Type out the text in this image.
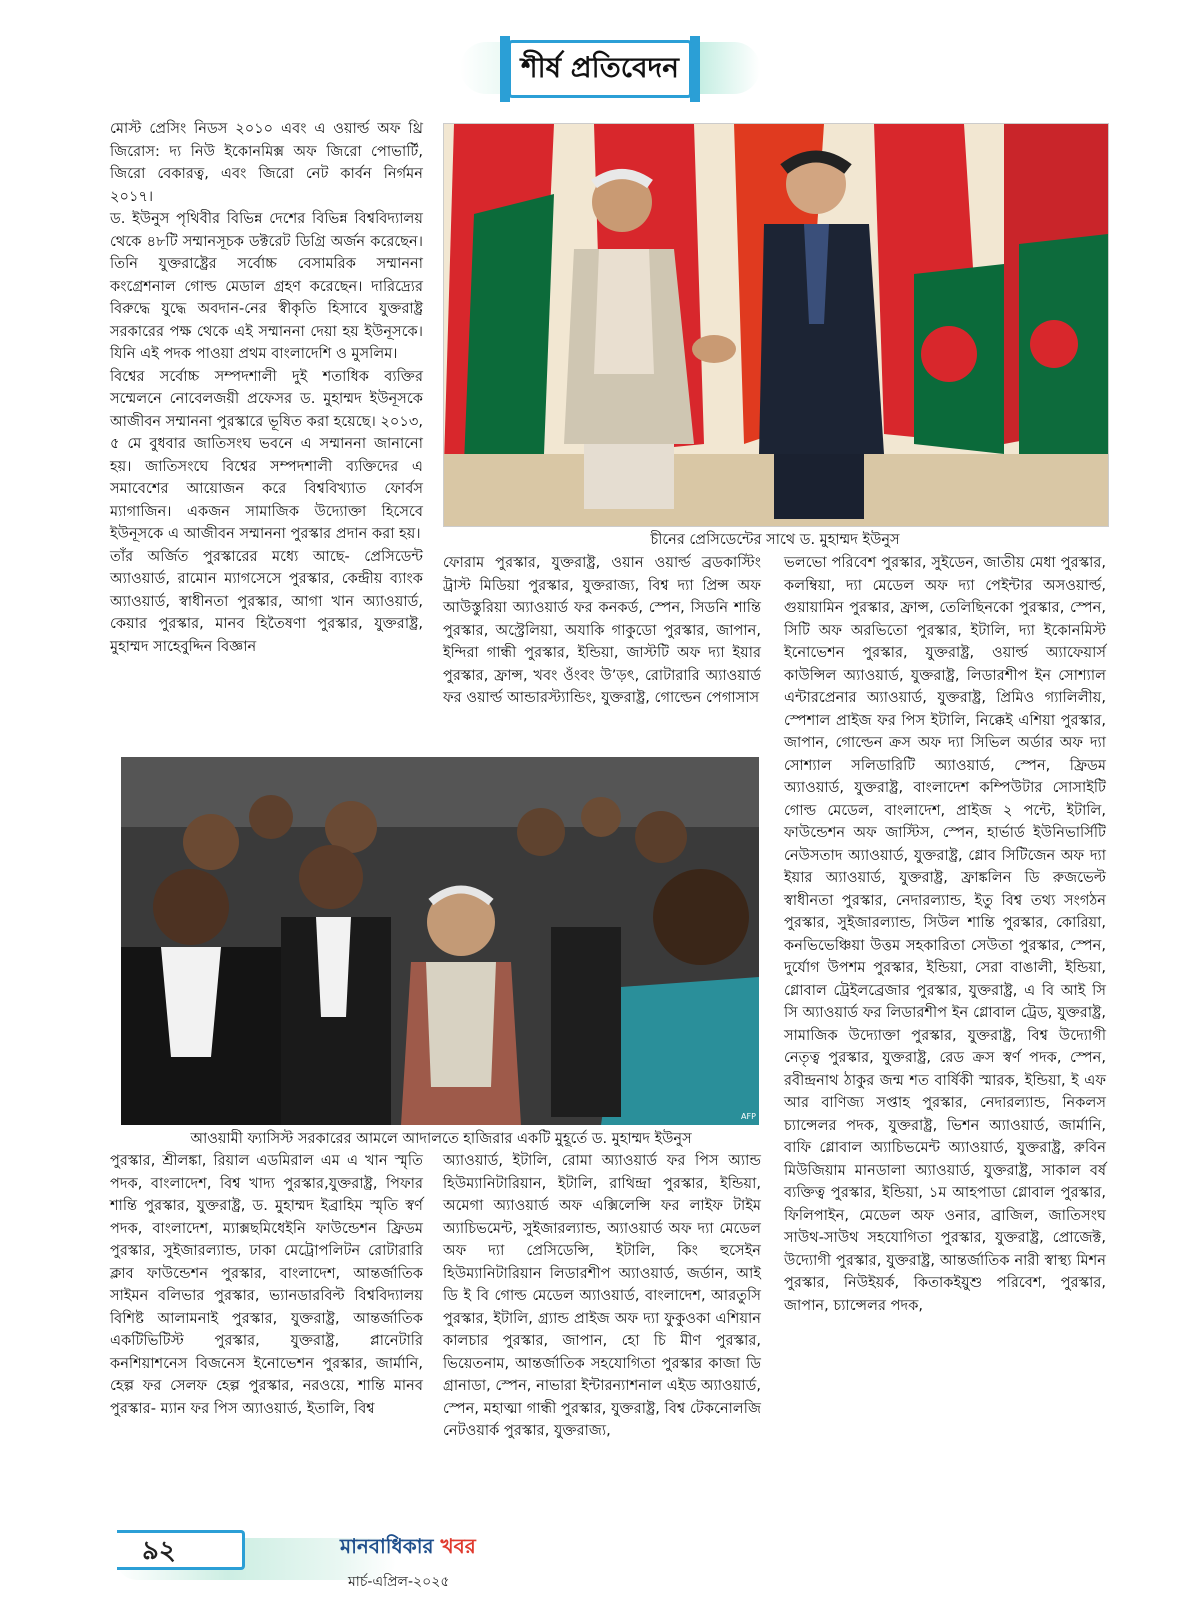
শীর্ষ প্রতিবেদন

মোস্ট প্রেসিং নিডস ২০১০ এবং এ ওয়ার্ল্ড অফ থ্রি জিরোস: দ্য নিউ ইকোনমিক্স অফ জিরো পোভার্টি, জিরো বেকারত্ব, এবং জিরো নেট কার্বন নির্গমন ২০১৭।

ড. ইউনুস পৃথিবীর বিভিন্ন দেশের বিভিন্ন বিশ্ববিদ্যালয় থেকে ৪৮টি সম্মানসূচক ডক্টরেট ডিগ্রি অর্জন করেছেন। তিনি যুক্তরাষ্ট্রের সর্বোচ্চ বেসামরিক সম্মাননা কংগ্রেশনাল গোল্ড মেডাল গ্রহণ করেছেন। দারিদ্র্যের বিরুদ্ধে যুদ্ধে অবদান-নের স্বীকৃতি হিসাবে যুক্তরাষ্ট্র সরকারের পক্ষ থেকে এই সম্মাননা দেয়া হয় ইউনূসকে। যিনি এই পদক পাওয়া প্রথম বাংলাদেশি ও মুসলিম।

বিশ্বের সর্বোচ্চ সম্পদশালী দুই শতাধিক ব্যক্তির সম্মেলনে নোবেলজয়ী প্রফেসর ড. মুহাম্মদ ইউনূসকে আজীবন সম্মাননা পুরস্কারে ভূষিত করা হয়েছে। ২০১৩, ৫ মে বুধবার জাতিসংঘ ভবনে এ সম্মাননা জানানো হয়। জাতিসংঘে বিশ্বের সম্পদশালী ব্যক্তিদের এ সমাবেশের আয়োজন করে বিশ্ববিখ্যাত ফোর্বস ম্যাগাজিন। একজন সামাজিক উদ্যোক্তা হিসেবে ইউনূসকে এ আজীবন সম্মাননা পুরস্কার প্রদান করা হয়।

তাঁর অর্জিত পুরস্কারের মধ্যে আছে- প্রেসিডেন্ট অ্যাওয়ার্ড, রামোন ম্যাগসেসে পুরস্কার, কেন্দ্রীয় ব্যাংক অ্যাওয়ার্ড, স্বাধীনতা পুরস্কার, আগা খান অ্যাওয়ার্ড, কেয়ার পুরস্কার, মানব হিতৈষণা পুরস্কার, যুক্তরাষ্ট্র, মুহাম্মদ সাহেবুদ্দিন বিজ্ঞান

চীনের প্রেসিডেন্টের সাথে ড. মুহাম্মদ ইউনুস

ফোরাম পুরস্কার, যুক্তরাষ্ট্র, ওয়ান ওয়ার্ল্ড ব্রডকাস্টিং ট্রাস্ট মিডিয়া পুরস্কার, যুক্তরাজ্য, বিশ্ব দ্যা প্রিন্স অফ আউস্তুরিয়া অ্যাওয়ার্ড ফর কনকর্ড, স্পেন, সিডনি শান্তি পুরস্কার, অস্ট্রেলিয়া, অযাকি গাকুডো পুরস্কার, জাপান, ইন্দিরা গান্ধী পুরস্কার, ইন্ডিয়া, জাস্টটি অফ দ্যা ইয়ার পুরস্কার, ফ্রান্স, খবং ওঁংবং উ’ড়ৎ, রোটারারি অ্যাওয়ার্ড ফর ওয়ার্ল্ড আন্ডারস্ট্যান্ডিং, যুক্তরাষ্ট্র, গোল্ডেন পেগাসাস

ভলভো পরিবেশ পুরস্কার, সুইডেন, জাতীয় মেধা পুরস্কার, কলম্বিয়া, দ্যা মেডেল অফ দ্যা পেইন্টার অসওয়ার্ল্ড, গুয়ায়ামিন পুরস্কার, ফ্রান্স, তেলিছিনকো পুরস্কার, স্পেন, সিটি অফ অরভিতো পুরস্কার, ইটালি, দ্যা ইকোনমিস্ট ইনোভেশন পুরস্কার, যুক্তরাষ্ট্র, ওয়ার্ল্ড অ্যাফেয়ার্স কাউন্সিল অ্যাওয়ার্ড, যুক্তরাষ্ট্র, লিডারশীপ ইন সোশ্যাল এন্টারপ্রেনার অ্যাওয়ার্ড, যুক্তরাষ্ট্র, প্রিমিও গ্যালিলীয়, স্পেশাল প্রাইজ ফর পিস ইটালি, নিক্কেই এশিয়া পুরস্কার, জাপান, গোল্ডেন ক্রস অফ দ্যা সিভিল অর্ডার অফ দ্যা সোশ্যাল সলিডারিটি অ্যাওয়ার্ড, স্পেন, ফ্রিডম অ্যাওয়ার্ড, যুক্তরাষ্ট্র, বাংলাদেশ কম্পিউটার সোসাইটি গোল্ড মেডেল, বাংলাদেশ, প্রাইজ ২ পন্টে, ইটালি, ফাউন্ডেশন অফ জাস্টিস, স্পেন, হার্ভার্ড ইউনিভার্সিটি নেউসতাদ অ্যাওয়ার্ড, যুক্তরাষ্ট্র, গ্লোব সিটিজেন অফ দ্যা ইয়ার অ্যাওয়ার্ড, যুক্তরাষ্ট্র, ফ্রাঙ্কলিন ডি রুজভেল্ট স্বাধীনতা পুরস্কার, নেদারল্যান্ড, ইতু বিশ্ব তথ্য সংগঠন পুরস্কার, সুইজারল্যান্ড, সিউল শান্তি পুরস্কার, কোরিয়া, কনভিভেঞ্চিয়া উত্তম সহকারিতা সেউতা পুরস্কার, স্পেন, দুর্যোগ উপশম পুরস্কার, ইন্ডিয়া, সেরা বাঙালী, ইন্ডিয়া, গ্লোবাল ট্রেইলব্রেজার পুরস্কার, যুক্তরাষ্ট্র, এ বি আই সি সি অ্যাওয়ার্ড ফর লিডারশীপ ইন গ্লোবাল ট্রেড, যুক্তরাষ্ট্র, সামাজিক উদ্যোক্তা পুরস্কার, যুক্তরাষ্ট্র, বিশ্ব উদ্যোগী নেতৃত্ব পুরস্কার, যুক্তরাষ্ট্র, রেড ক্রস স্বর্ণ পদক, স্পেন, রবীন্দ্রনাথ ঠাকুর জন্ম শত বার্ষিকী স্মারক, ইন্ডিয়া, ই এফ আর বাণিজ্য সপ্তাহ পুরস্কার, নেদারল্যান্ড, নিকলস চ্যান্সেলর পদক, যুক্তরাষ্ট্র, ভিশন অ্যাওয়ার্ড, জার্মানি, বাফি গ্লোবাল অ্যাচিভমেন্ট অ্যাওয়ার্ড, যুক্তরাষ্ট্র, রুবিন মিউজিয়াম মানডালা অ্যাওয়ার্ড, যুক্তরাষ্ট্র, সাকাল বর্ষ ব্যক্তিত্ব পুরস্কার, ইন্ডিয়া, ১ম আহপাডা গ্লোবাল পুরস্কার, ফিলিপাইন, মেডেল অফ ওনার, ব্রাজিল, জাতিসংঘ সাউথ-সাউথ সহযোগিতা পুরস্কার, যুক্তরাষ্ট্র, প্রোজেক্ট, উদ্যোগী পুরস্কার, যুক্তরাষ্ট্র, আন্তর্জাতিক নারী স্বাস্থ্য মিশন পুরস্কার, নিউইয়র্ক, কিতাকইয়ুশু পরিবেশ, পুরস্কার, জাপান, চ্যান্সেলর পদক,

AFP
আওয়ামী ফ্যাসিস্ট সরকারের আমলে আদালতে হাজিরার একটি মুহূর্তে ড. মুহাম্মদ ইউনুস

পুরস্কার, শ্রীলঙ্কা, রিয়াল এডমিরাল এম এ খান স্মৃতি পদক, বাংলাদেশ, বিশ্ব খাদ্য পুরস্কার,যুক্তরাষ্ট্র, পিফার শান্তি পুরস্কার, যুক্তরাষ্ট্র, ড. মুহাম্মদ ইব্রাহিম স্মৃতি স্বর্ণ পদক, বাংলাদেশ, ম্যাক্সছমিধেইনি ফাউন্ডেশন ফ্রিডম পুরস্কার, সুইজারল্যান্ড, ঢাকা মেট্রোপলিটন রোটারারি ক্লাব ফাউন্ডেশন পুরস্কার, বাংলাদেশ, আন্তর্জাতিক সাইমন বলিভার পুরস্কার, ভ্যানডারবিল্ট বিশ্ববিদ্যালয় বিশিষ্ট আলামনাই পুরস্কার, যুক্তরাষ্ট্র, আন্তর্জাতিক একটিভিটিস্ট পুরস্কার, যুক্তরাষ্ট্র, প্লানেটারি কনশিয়াশনেস বিজনেস ইনোভেশন পুরস্কার, জার্মানি, হেল্প ফর সেলফ হেল্প পুরস্কার, নরওয়ে, শান্তি মানব পুরস্কার- ম্যান ফর পিস অ্যাওয়ার্ড, ইতালি, বিশ্ব

অ্যাওয়ার্ড, ইটালি, রোমা অ্যাওয়ার্ড ফর পিস অ্যান্ড হিউম্যানিটারিয়ান, ইটালি, রাথিন্দ্রা পুরস্কার, ইন্ডিয়া, অমেগা অ্যাওয়ার্ড অফ এক্সিলেন্সি ফর লাইফ টাইম অ্যাচিভমেন্ট, সুইজারল্যান্ড, অ্যাওয়ার্ড অফ দ্যা মেডেল অফ দ্যা প্রেসিডেন্সি, ইটালি, কিং হুসেইন হিউম্যানিটারিয়ান লিডারশীপ অ্যাওয়ার্ড, জর্ডান, আই ডি ই বি গোল্ড মেডেল অ্যাওয়ার্ড, বাংলাদেশ, আরতুসি পুরস্কার, ইটালি, গ্র্যান্ড প্রাইজ অফ দ্যা ফুকুওকা এশিয়ান কালচার পুরস্কার, জাপান, হো চি মীণ পুরস্কার, ভিয়েতনাম, আন্তর্জাতিক সহযোগিতা পুরস্কার কাজা ডি গ্রানাডা, স্পেন, নাভারা ইন্টারন্যাশনাল এইড অ্যাওয়ার্ড, স্পেন, মহাত্মা গান্ধী পুরস্কার, যুক্তরাষ্ট্র, বিশ্ব টেকনোলজি নেটওয়ার্ক পুরস্কার, যুক্তরাজ্য,

৯২	মানবাধিকার খবর
মার্চ-এপ্রিল-২০২৫
